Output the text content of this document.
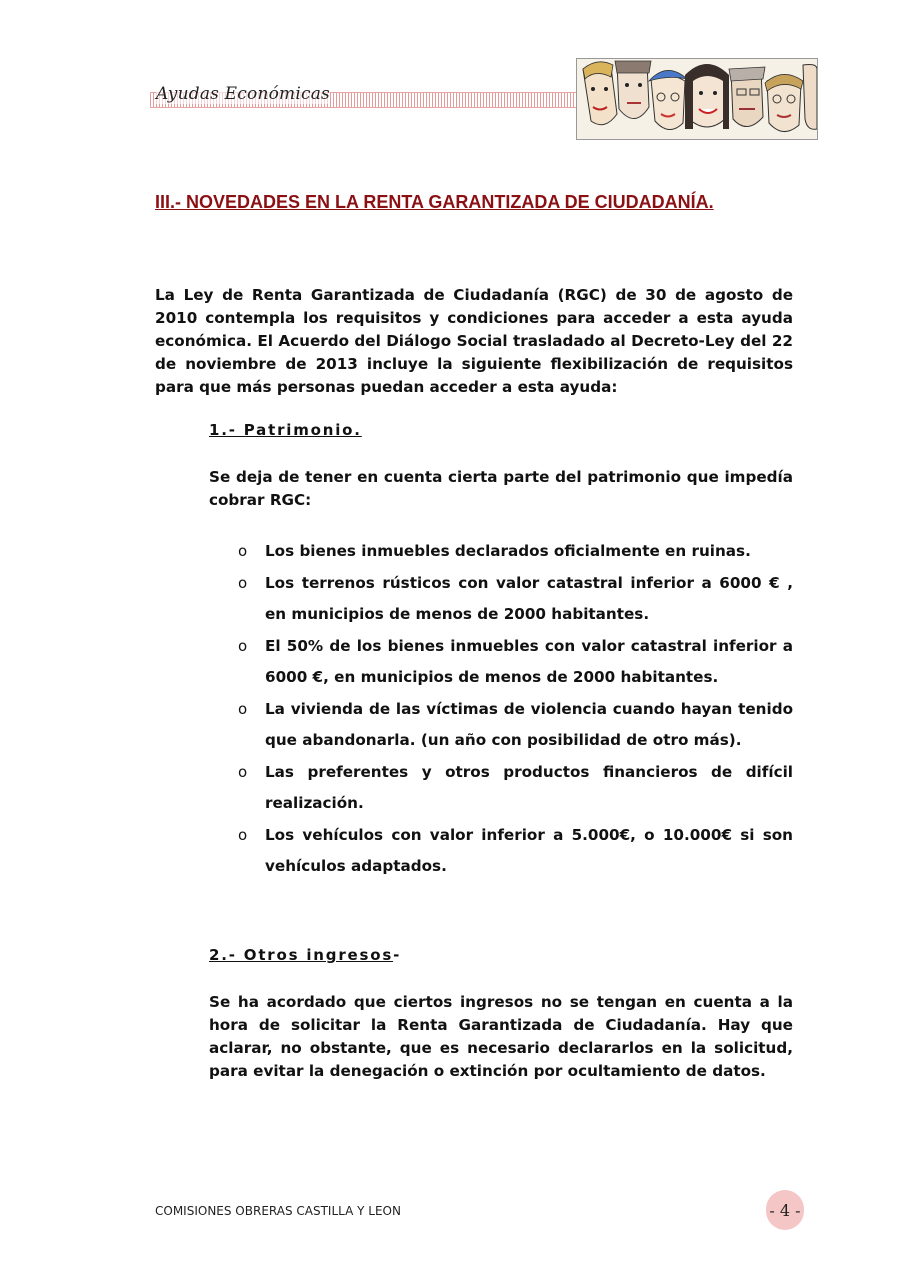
Ayudas Económicas
III.- NOVEDADES EN LA RENTA GARANTIZADA DE CIUDADANÍA.
La Ley de Renta Garantizada de Ciudadanía (RGC) de 30 de agosto de 2010 contempla los requisitos y condiciones para acceder a esta ayuda económica. El Acuerdo del Diálogo Social trasladado al Decreto-Ley del 22 de noviembre de 2013 incluye la siguiente flexibilización de requisitos para que más personas puedan acceder a esta ayuda:
1.- Patrimonio.
Se deja de tener en cuenta cierta parte del patrimonio que impedía cobrar RGC:
o Los bienes inmuebles declarados oficialmente en ruinas.
o Los terrenos rústicos con valor catastral inferior a 6000 € , en municipios de menos de 2000 habitantes.
o El 50% de los bienes inmuebles con valor catastral inferior a 6000 €, en municipios de menos de 2000 habitantes.
o La vivienda de las víctimas de violencia cuando hayan tenido que abandonarla. (un año con posibilidad de otro más).
o Las preferentes y otros productos financieros de difícil realización.
o Los vehículos con valor inferior a 5.000€, o 10.000€ si son vehículos adaptados.
2.- Otros ingresos-
Se ha acordado que ciertos ingresos no se tengan en cuenta a la hora de solicitar la Renta Garantizada de Ciudadanía. Hay que aclarar, no obstante, que es necesario declararlos en la solicitud, para evitar la denegación o extinción por ocultamiento de datos.
COMISIONES OBRERAS CASTILLA Y LEON	- 4 -
